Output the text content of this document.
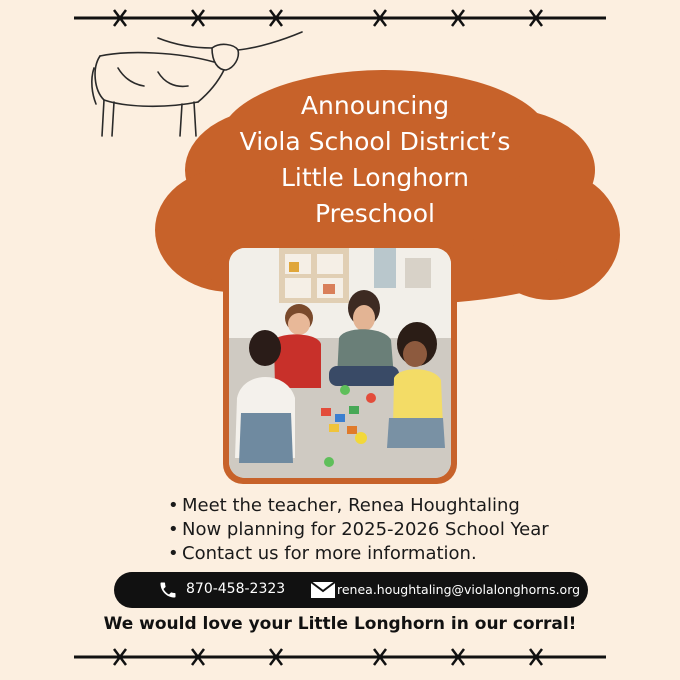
Announcing
Viola School District’s
Little Longhorn
Preschool
• Meet the teacher, Renea Houghtaling
• Now planning for 2025-2026 School Year
• Contact us for more information.
870-458-2323	renea.houghtaling@violalonghorns.org
We would love your Little Longhorn in our corral!
